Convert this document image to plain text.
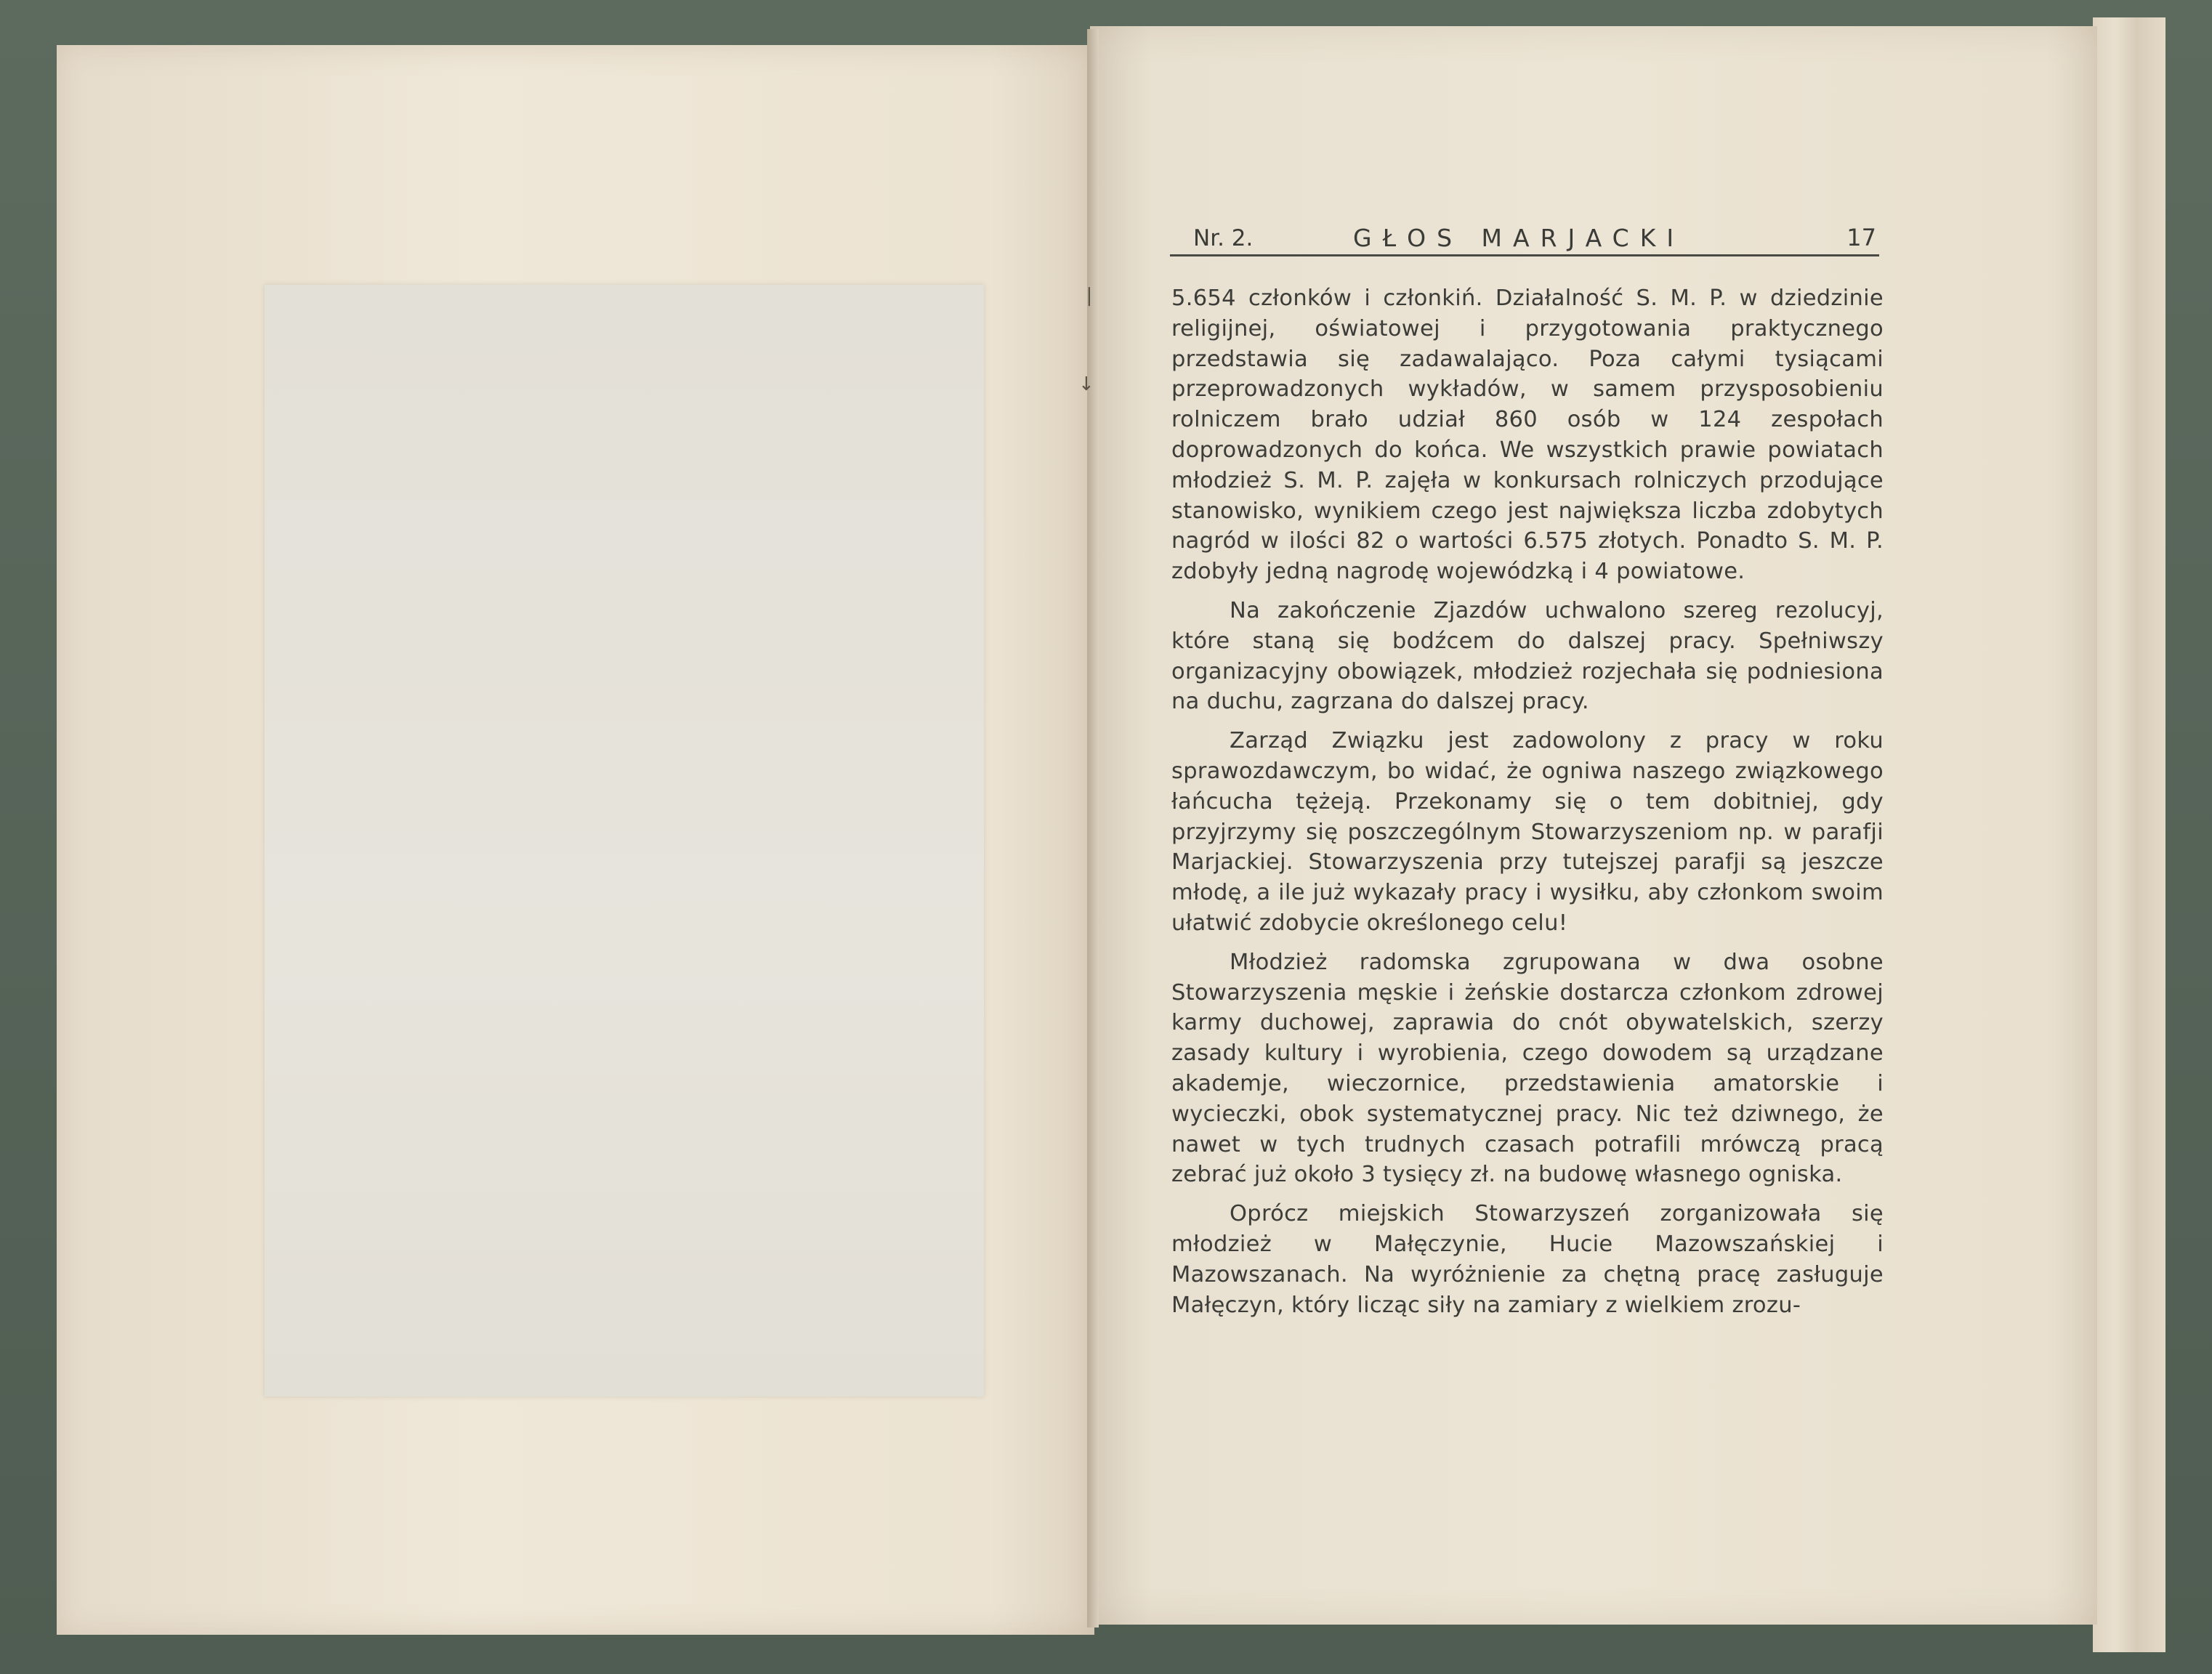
❘
↓
Nr. 2.	GŁOS MARJACKI	17

5.654 członków i członkiń. Działalność S. M. P. w dziedzinie religijnej, oświatowej i przygotowania praktycznego przedstawia się zadawalająco. Poza całymi tysiącami przeprowadzonych wykładów, w samem przysposobieniu rolniczem brało udział 860 osób w 124 zespołach doprowadzonych do końca. We wszystkich prawie powiatach młodzież S. M. P. zajęła w konkursach rolniczych przodujące stanowisko, wynikiem czego jest największa liczba zdobytych nagród w ilości 82 o wartości 6.575 złotych. Ponadto S. M. P. zdobyły jedną nagrodę wojewódzką i 4 powiatowe.

Na zakończenie Zjazdów uchwalono szereg rezolucyj, które staną się bodźcem do dalszej pracy. Spełniwszy organizacyjny obowiązek, młodzież rozjechała się podniesiona na duchu, zagrzana do dalszej pracy.

Zarząd Związku jest zadowolony z pracy w roku sprawozdawczym, bo widać, że ogniwa naszego związkowego łańcucha tężeją. Przekonamy się o tem dobitniej, gdy przyjrzymy się poszczególnym Stowarzyszeniom np. w parafji Marjackiej. Stowarzyszenia przy tutejszej parafji są jeszcze młodę, a ile już wykazały pracy i wysiłku, aby członkom swoim ułatwić zdobycie określonego celu!

Młodzież radomska zgrupowana w dwa osobne Stowarzyszenia męskie i żeńskie dostarcza członkom zdrowej karmy duchowej, zaprawia do cnót obywatelskich, szerzy zasady kultury i wyrobienia, czego dowodem są urządzane akademje, wieczornice, przedstawienia amatorskie i wycieczki, obok systematycznej pracy. Nic też dziwnego, że nawet w tych trudnych czasach potrafili mrówczą pracą zebrać już około 3 tysięcy zł. na budowę własnego ogniska.

Oprócz miejskich Stowarzyszeń zorganizowała się młodzież w Małęczynie, Hucie Mazowszańskiej i Mazowszanach. Na wyróżnienie za chętną pracę zasługuje Małęczyn, który licząc siły na zamiary z wielkiem zrozu-
